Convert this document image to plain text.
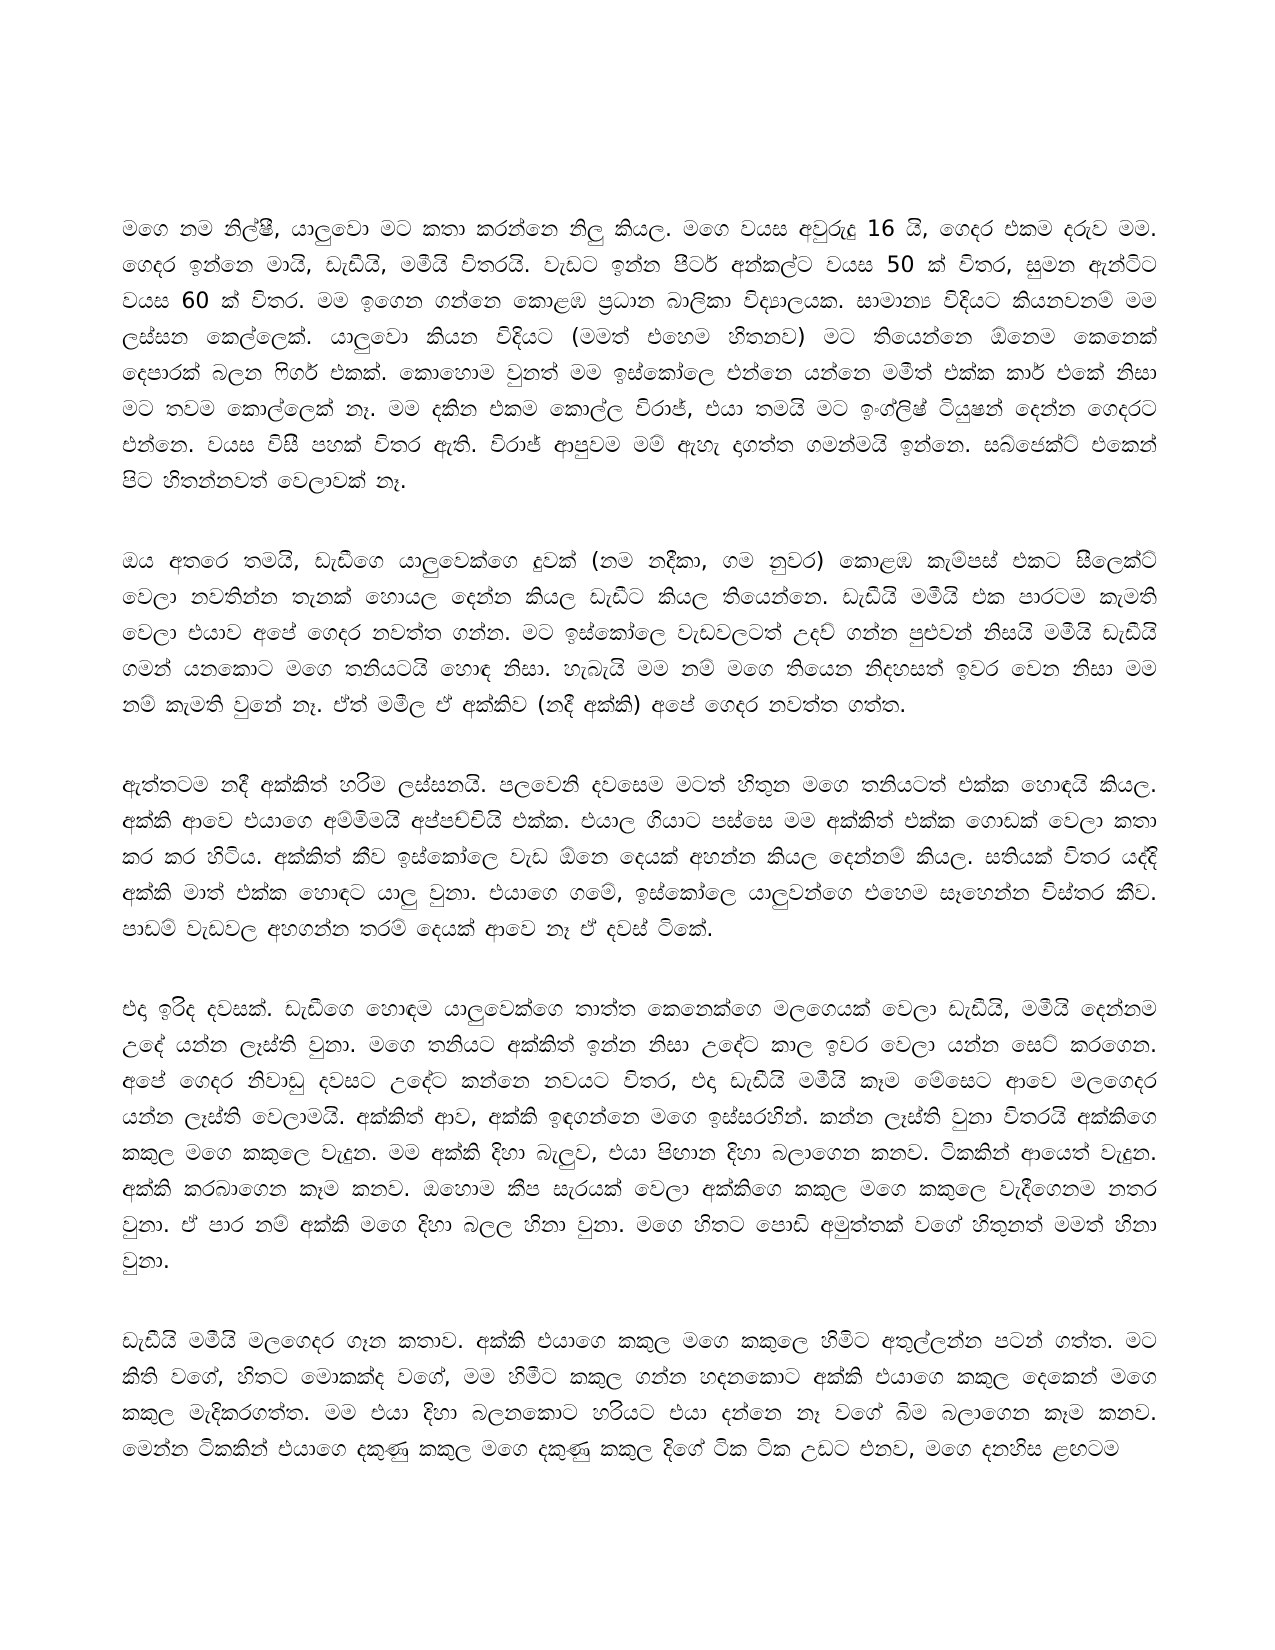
මගෙ නම නිල්ෂී, යාලුවො මට කතා කරන්නෙ නිලු කියල. මගෙ වයස අවුරුදු 16 යි, ගෙදර එකම දරුව මම. ගෙදර ඉන්නෙ මායි, ඩැඩීයි, මමීයි විතරයි. වැඩට ඉන්න පීටර් අන්කල්ට වයස 50 ක් විතර, සුමන ඇන්ටිට වයස 60 ක් විතර. මම ඉගෙන ගන්නෙ කොළඹ ප්‍රධාන බාලිකා විද්‍යාලයක. සාමාන්‍ය විදියට කියනවනම් මම ලස්සන කෙල්ලෙක්. යාලුවො කියන විදියට (මමත් එහෙම හිතනව) මට තියෙන්නෙ ඕනෙම කෙනෙක් දෙපාරක් බලන ෆිගර් එකක්. කොහොම වුනත් මම ඉස්කෝලෙ එන්නෙ යන්නෙ මමීත් එක්ක කාර් එකේ නිසා මට තවම කොල්ලෙක් නෑ. මම දකින එකම කොල්ල විරාජ්, එයා තමයි මට ඉංග්ලිෂ් ටියුෂන් දෙන්න ගෙදරට එන්නෙ. වයස විසී පහක් විතර ඇති. විරාජ් ආපුවම මම් ඇහැ දාගත්ත ගමන්මයි ඉන්නෙ. සබ්ජෙක්ට් එකෙන් පිට හිතන්නවත් වෙලාවක් නෑ.

ඔය අතරෙ තමයි, ඩැඩීගෙ යාලුවෙක්ගෙ දුවක් (නම නදීකා, ගම නුවර) කොළඹ කැම්පස් එකට සීලෙක්ට් වෙලා නවතින්න තැනක් හොයල දෙන්න කියල ඩැඩීට කියල තියෙන්නෙ. ඩැඩීයි මමීයි එක පාරටම කැමති වෙලා එයාව අපේ ගෙදර නවත්ත ගන්න. මට ඉස්කෝලෙ වැඩවලටත් උදව් ගන්න පුළුවන් නිසයි මමීයි ඩැඩීයි ගමන් යනකොට මගෙ තනියටයි හොඳ නිසා. හැබැයි මම නම් මගෙ තියෙන නිදහසත් ඉවර වෙන නිසා මම නම් කැමති වුනේ නෑ. ඒත් මමීල ඒ අක්කිව (නදී අක්කි) අපේ ගෙදර නවත්ත ගත්ත.

ඇත්තටම නදී අක්කිත් හරිම ලස්සනයි. පලවෙනි දවසෙම මටත් හිතුන මගෙ තනියටත් එක්ක හොඳයි කියල. අක්කි ආවෙ එයාගෙ අම්මිමයි අප්පච්චියි එක්ක. එයාල ගියාට පස්සෙ මම අක්කිත් එක්ක ගොඩක් වෙලා කතා කර කර හිටිය. අක්කිත් කීව ඉස්කෝලෙ වැඩ ඕනෙ දෙයක් අහන්න කියල දෙන්නම් කියල. සතියක් විතර යද්දි අක්කි මාත් එක්ක හොඳට යාලු වුනා. එයාගෙ ගමේ, ඉස්කෝලෙ යාලුවන්ගෙ එහෙම සෑහෙන්න විස්තර කීව. පාඩම් වැඩවල අහගන්න තරම් දෙයක් ආවෙ නෑ ඒ දවස් ටිකේ.

එදා ඉරිද දවසක්. ඩැඩීගෙ හොඳම යාලුවෙක්ගෙ තාත්ත කෙනෙක්ගෙ මලගෙයක් වෙලා ඩැඩීයි, මමීයි දෙන්නම උදේ යන්න ලෑස්ති වුනා. මගෙ තනියට අක්කිත් ඉන්න නිසා උදේට කාල ඉවර වෙලා යන්න සෙට් කරගෙන. අපේ ගෙදර නිවාඩු දවසට උදේට කන්නෙ නවයට විතර, එදා ඩැඩීයි මමීයි කෑම මේසෙට ආවෙ මලගෙදර යන්න ලෑස්ති වෙලාමයි. අක්කිත් ආව, අක්කි ඉඳගන්නෙ මගෙ ඉස්සරහින්. කන්න ලෑස්ති වුනා විතරයි අක්කිගෙ කකුල මගෙ කකුලෙ වැදුන. මම අක්කි දිහා බැලුව, එයා පිඟාන දිහා බලාගෙන කනව. ටිකකින් ආයෙත් වැදුන. අක්කි කරබාගෙන කෑම කනව. ඔහොම කීප සැරයක් වෙලා අක්කිගෙ කකුල මගෙ කකුලෙ වැදීගෙනම නතර වුනා. ඒ පාර නම් අක්කි මගෙ දිහා බලල හිනා වුනා. මගෙ හිතට පොඩි අමුත්තක් වගේ හිතුනත් මමත් හිනා වුනා.

ඩැඩීයි මමීයි මලගෙදර ගෑන කතාව. අක්කි එයාගෙ කකුල මගෙ කකුලෙ හිමිට අතුල්ලන්න පටන් ගත්ත. මට කිති වගේ, හිතට මොකක්ද වගේ, මම හිමීට කකුල ගන්න හදනකොට අක්කි එයාගෙ කකුල දෙකෙන් මගෙ කකුල මැදිකරගත්ත. මම එයා දිහා බලනකොට හරියට එයා දන්නෙ නෑ වගේ බිම බලාගෙන කෑම කනව. මෙන්න ටිකකින් එයාගෙ දකුණු කකුල මගෙ දකුණු කකුල දිගේ ටික ටික උඩට එනව, මගෙ දනහිස ළඟටම
